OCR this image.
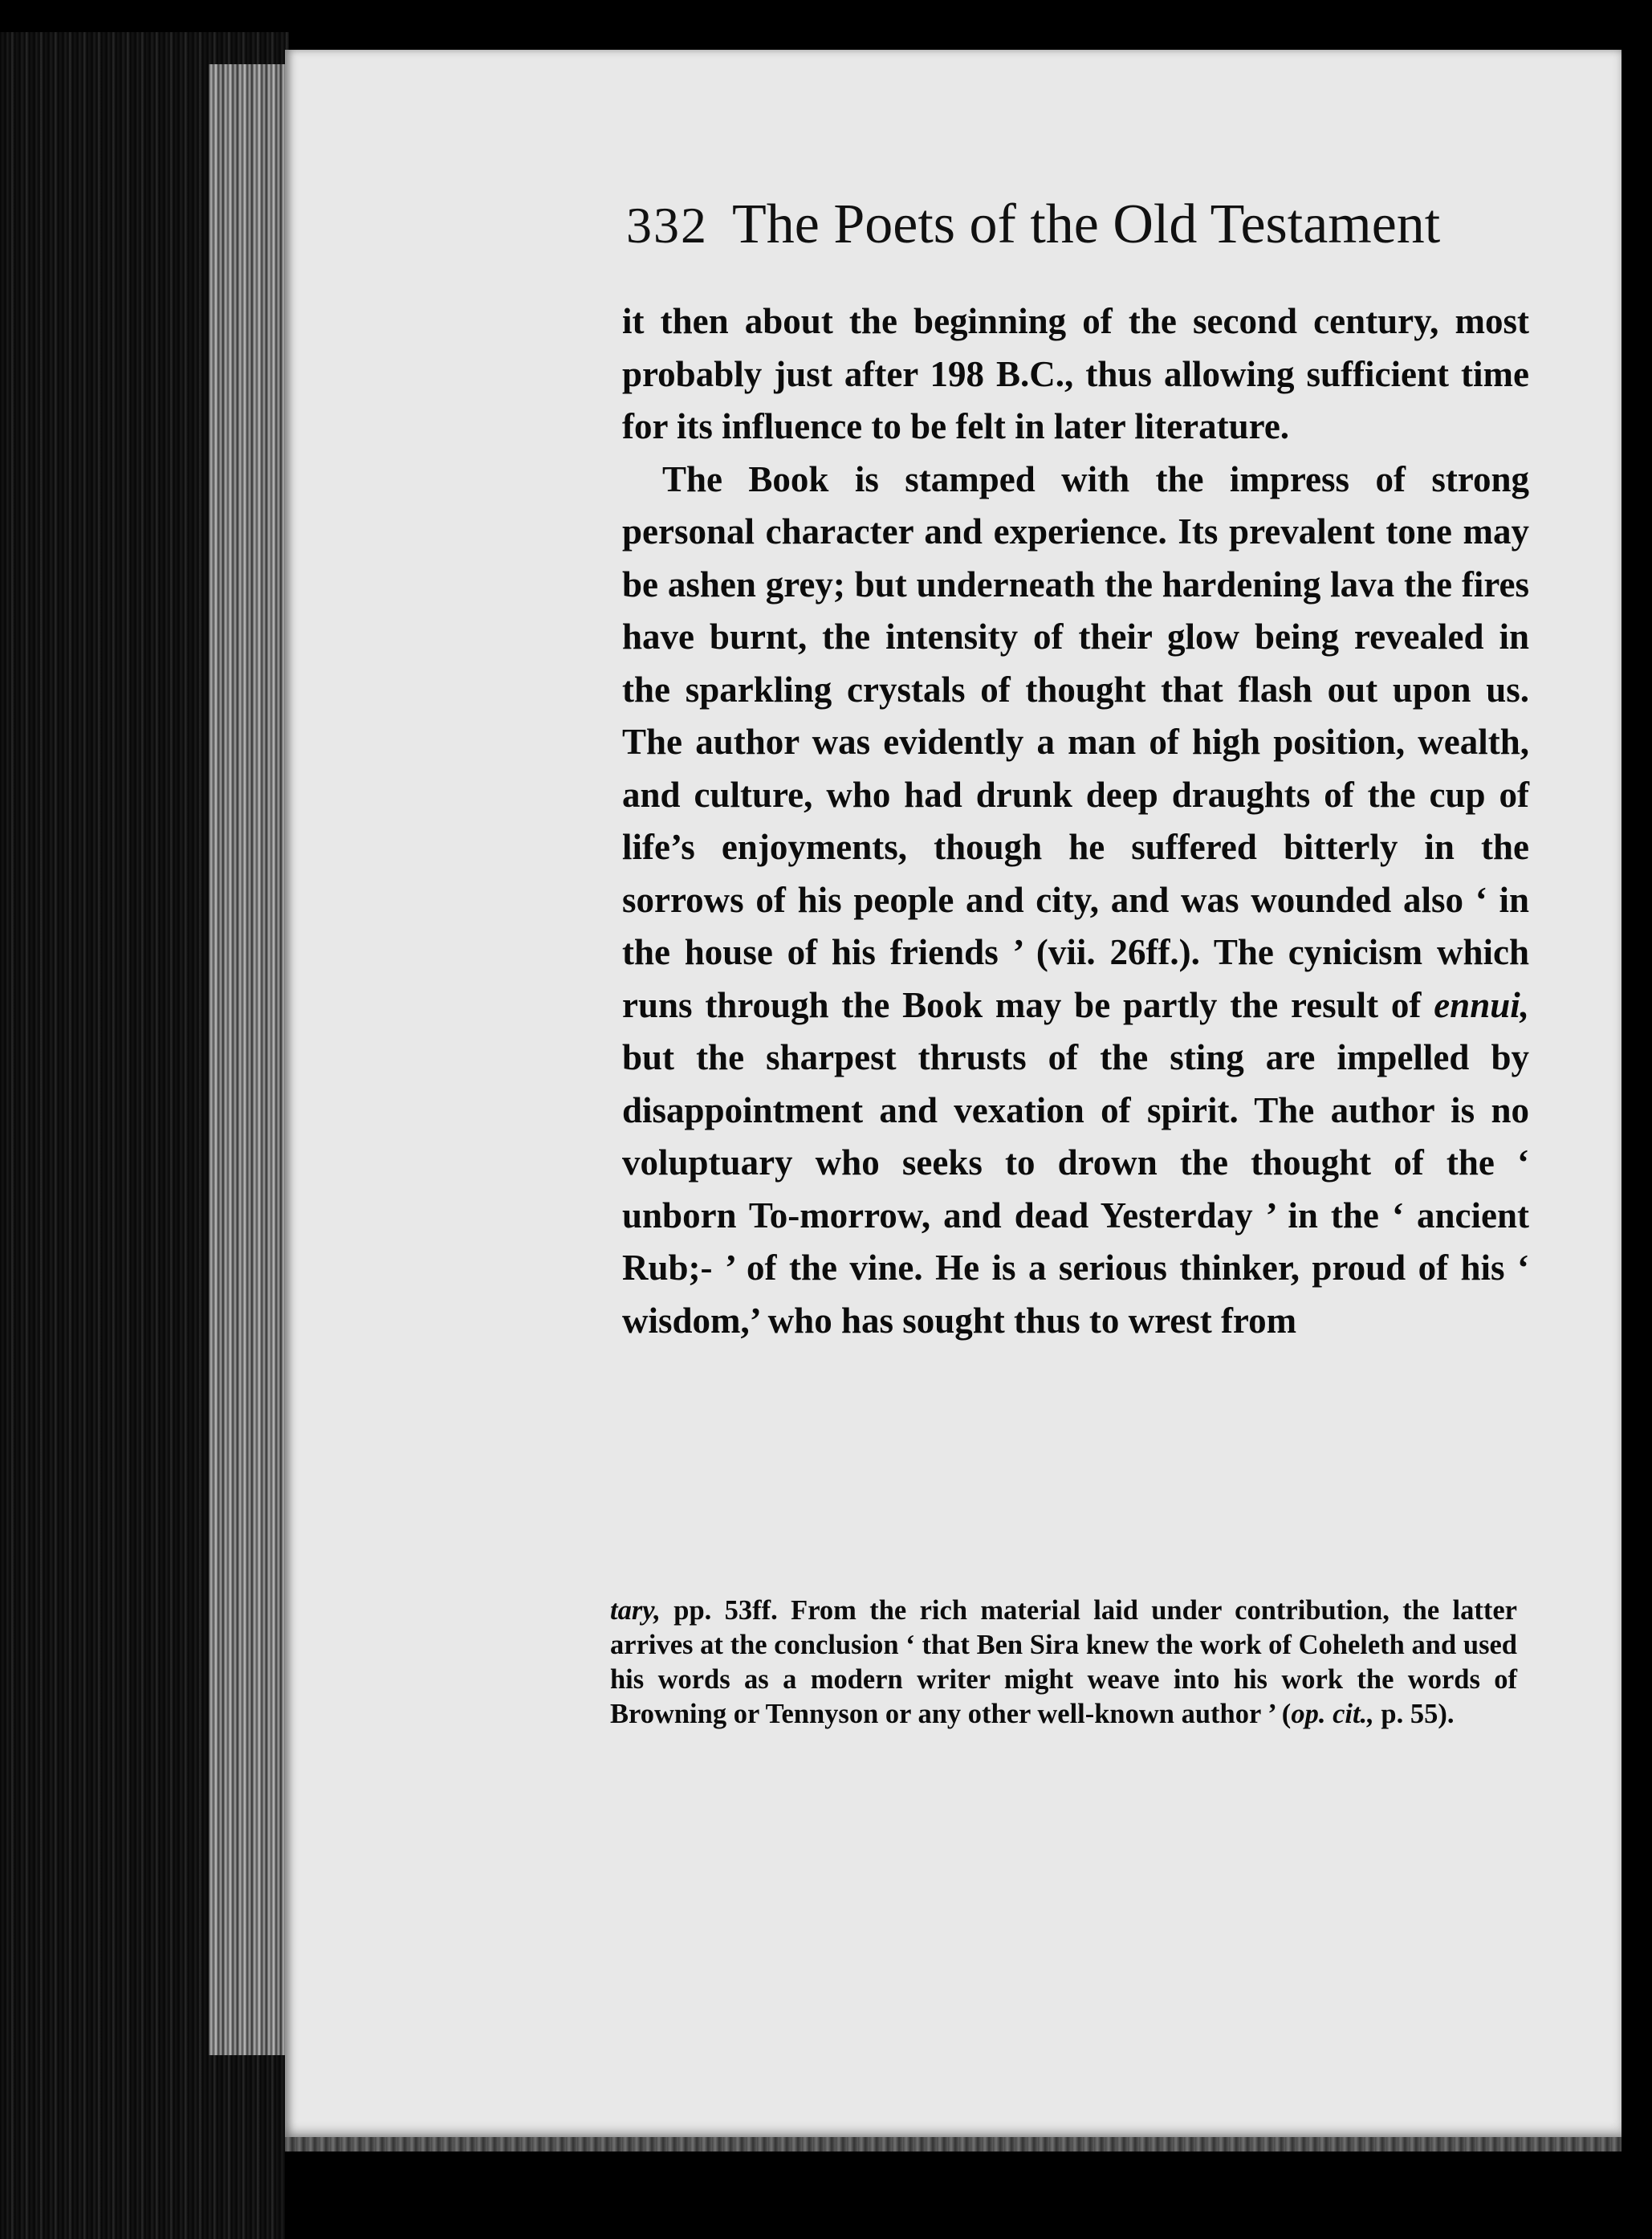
332 The Poets of the Old Testament

it then about the beginning of the second century, most probably just after 198 B.C., thus allowing sufficient time for its influence to be felt in later literature.

The Book is stamped with the impress of strong personal character and experience. Its prevalent tone may be ashen grey; but underneath the hardening lava the fires have burnt, the intensity of their glow being revealed in the sparkling crystals of thought that flash out upon us. The author was evidently a man of high position, wealth, and culture, who had drunk deep draughts of the cup of life’s enjoyments, though he suffered bitterly in the sorrows of his people and city, and was wounded also ‘ in the house of his friends ’ (vii. 26ff.). The cynicism which runs through the Book may be partly the result of ennui, but the sharpest thrusts of the sting are impelled by disappointment and vexation of spirit. The author is no voluptuary who seeks to drown the thought of the ‘ unborn To-morrow, and dead Yesterday ’ in the ‘ ancient Rub;- ’ of the vine. He is a serious thinker, proud of his ‘ wisdom,’ who has sought thus to wrest from

tary, pp. 53ff. From the rich material laid under contribution, the latter arrives at the conclusion ‘ that Ben Sira knew the work of Coheleth and used his words as a modern writer might weave into his work the words of Browning or Tennyson or any other well-known author ’ (op. cit., p. 55).
